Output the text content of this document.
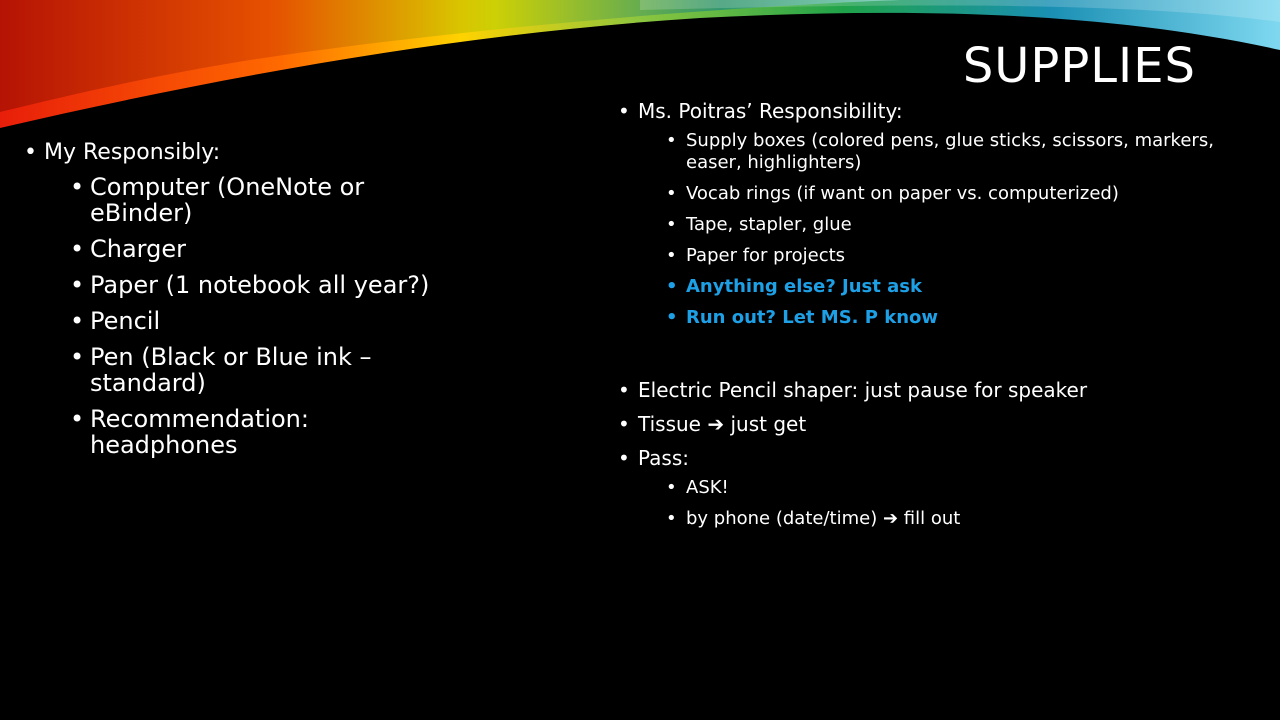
SUPPLIES
• My Responsibly:
• Computer (OneNote or eBinder)
• Charger
• Paper (1 notebook all year?)
• Pencil
• Pen (Black or Blue ink – standard)
• Recommendation: headphones
• Ms. Poitras’ Responsibility:
• Supply boxes (colored pens, glue sticks, scissors, markers, easer, highlighters)
• Vocab rings (if want on paper vs. computerized)
• Tape, stapler, glue
• Paper for projects
• Anything else? Just ask
• Run out? Let MS. P know
• Electric Pencil shaper: just pause for speaker
• Tissue ➔ just get
• Pass:
• ASK!
• by phone (date/time) ➔ fill out
